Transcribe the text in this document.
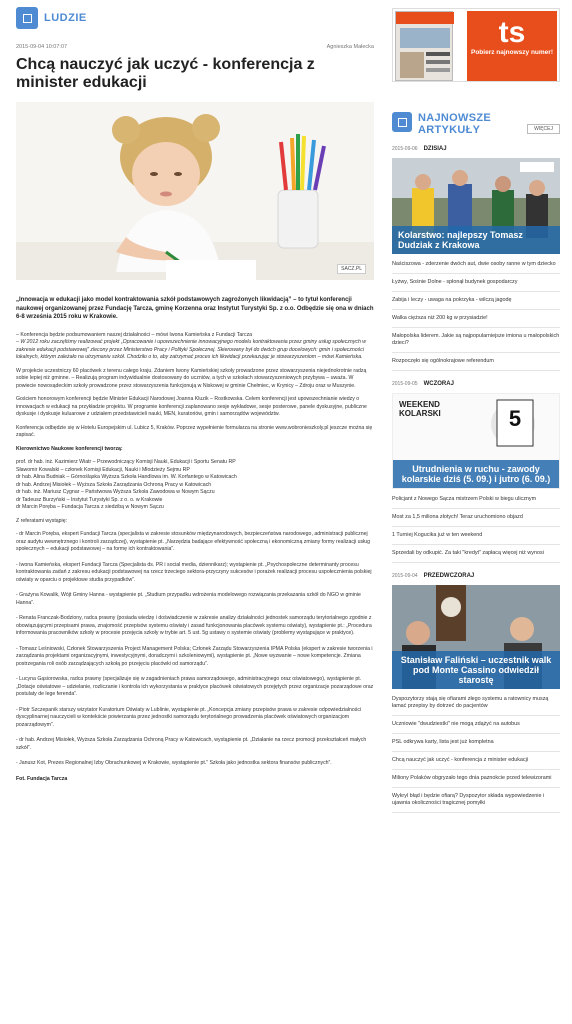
LUDZIE
2015-09-04 10:07:07	Agnieszka Małecka
Chcą nauczyć jak uczyć - konferencja z minister edukacji
SACZ.PL

„Innowacja w edukacji jako model kontraktowania szkół podstawowych zagrożonych likwidacją” – to tytuł konferencji naukowej organizowanej przez Fundację Tarcza, gminę Korzenna oraz Instytut Turystyki Sp. z o.o. Odbędzie się ona w dniach 6-8 września 2015 roku w Krakowie.

– Konferencja będzie podsumowaniem naszej działalności – mówi Iwona Kamieńska z Fundacji Tarcza
– W 2012 roku zaczęliśmy realizować projekt „Opracowanie i upowszechnienie innowacyjnego modelu kontraktowania przez gminy usług społecznych w zakresie edukacji podstawowej” zlecony przez Ministerstwo Pracy i Polityki Społecznej. Skierowany był do dwóch grup docelowych: gmin i społeczności lokalnych, którym zależało na utrzymaniu szkół. Chodziło o to, aby zatrzymać proces ich likwidacji przekazując je stowarzyszeniom – mówi Kamieńska.

W projekcie uczestniczy 60 placówek z terenu całego kraju. Zdaniem Iwony Kamieńskiej szkoły prowadzone przez stowarzyszenia niejednokrotnie radzą sobie lepiej niż gminne. – Realizują program indywidualnie dostosowany do uczniów, a tych w szkołach stowarzyszeniowych przybywa – uważa. W powiecie nowosądeckim szkoły prowadzone przez stowarzyszenia funkcjonują w Niskowej w gminie Chełmiec, w Krynicy – Zdroju oraz w Muszynie.

Gościem honorowym konferencji będzie Minister Edukacji Narodowej Joanna Kluzik – Rostkowska. Celem konferencji jest upowszechnianie wiedzy o innowacjach w edukacji na przykładzie projektu. W programie konferencji zaplanowano sesje wykładowe, sesje posterowe, panele dyskusyjne, publiczne dyskusje i dyskusje kuluarowe z udziałem przedstawicieli nauki, MEN, kuratoriów, gmin i samorządów województw.

Konferencja odbędzie się w Hotelu Europejskim ul. Lubicz 5, Kraków. Poprzez wypełnienie formularza na stronie www.wobronieszkoly.pl jeszcze można się zapisać.

Kierownictwo Naukowe konferencji tworzą:

prof. dr hab. inż. Kazimierz Wiatr – Przewodniczący Komisji Nauki, Edukacji i Sportu Senatu RP
Sławomir Kowalski – członek Komisji Edukacji, Nauki i Młodzieży Sejmu RP
dr hab. Alina Budniak – Górnośląska Wyższa Szkoła Handlowa im. W. Korfantego w Katowicach
dr hab. Andrzej Misiołek – Wyższa Szkoła Zarządzania Ochroną Pracy w Katowicach
dr hab. inż. Mariusz Cygnar – Państwowa Wyższa Szkoła Zawodowa w Nowym Sączu
dr Tadeusz Burzyński – Instytut Turystyki Sp. z o. o. w Krakowie
dr Marcin Poręba – Fundacja Tarcza z siedzibą w Nowym Sączu

Z referatami wystąpię:

- dr Marcin Poręba, ekspert Fundacji Tarcza (specjalista w zakresie stosunków międzynarodowych, bezpieczeństwa narodowego, administracji publicznej oraz audytu wewnętrznego i kontroli zarządczej), wystąpienie pt. „Narzędzia badające efektywność społeczną i ekonomiczną zmiany formy realizacji usług społecznych – edukacji podstawowej – na formę ich kontraktowania”.
- Iwona Kamieńska, ekspert Fundacji Tarcza (Specjalista ds. PR i social media, dziennikarz); wystąpienie pt. „Psychospołeczne determinanty procesu kontraktowania zadań z zakresu edukacji podstawowej na rzecz trzeciego sektora-przyczyny sukcesów i porażek realizacji procesu uspołecznienia polskiej oświaty w oparciu o projektowe studia przypadków”.
- Grażyna Kowalik, Wójt Gminy Hanna - wystąpienie pt. „Studium przypadku wdrożenia modelowego rozwiązania przekazania szkół do NGO w gminie Hanna”.
- Renata Franczak-Bodziony, radca prawny (posiada wiedzę i doświadczenie w zakresie analizy działalności jednostek samorządu terytorialnego zgodnie z obowiązującymi przepisami prawa, znajomość przepisów systemu oświaty i zasad funkcjonowania placówek systemu oświaty), wystąpienie pt.: „Procedura informowania pracowników szkoły w procesie przejęcia szkoły w trybie art. 5 ust. 5g ustawy o systemie oświaty (problemy wystąpujące w praktyce).
- Tomasz Leśniowski, Członek Stowarzyszenia Project Management Polska; Członek Zarządu Stowarzyszenia IPMA Polska (ekspert w zakresie tworzenia i zarządzania projektami organizacyjnymi, inwestycyjnymi, doradczymi i szkoleniowymi), wystąpienie pt. „Nowe wyzwanie – nowe kompetencje. Zmiana postrzegania roli osób zarządzających szkołą po przejęciu placówki od samorządu”.
- Lucyna Gąsiorowska, radca prawny (specjalizuje się w zagadnieniach prawa samorządowego, administracyjnego oraz oświatowego), wystąpienie pt. „Dotacje oświatowe – udzielanie, rozliczanie i kontrola ich wykorzystania w praktyce placówek oświatowych przejętych przez organizacje pozarządowe oraz postulaty de lege ferenda”.
- Piotr Szczepanik starszy wizytator Kuratorium Oświaty w Lublinie, wystąpienie pt. „Koncepcja zmiany przepisów prawa w zakresie odpowiedzialności dyscyplinarnej nauczycieli w kontekście powierzania przez jednostki samorządu terytorialnego prowadzenia placówek oświatowych organizacjom pozarządowym”.
- dr hab. Andrzej Misiołek, Wyższa Szkoła Zarządzania Ochroną Pracy w Katowicach, wystąpienie pt. „Działanie na rzecz promocji przekształceń małych szkół”.
- Janusz Kot, Prezes Regionalnej Izby Obrachunkowej w Krakowie, wystąpienie pt.” Szkoła jako jednostka sektora finansów publicznych”.

Fot. Fundacja Tarcza

ts
Pobierz najnowszy numer!
NAJNOWSZE ARTYKUŁY	WIĘCEJ
2015-09-06 DZISIAJ
Kolarstwo: najlepszy Tomasz Dudziak z Krakowa
Naściszowa - zderzenie dwóch aut, dwie osoby ranne w tym dziecko
Łyżwy, Sośnie Dolne - spłonął budynek gospodarczy
Zabija i leczy - uwaga na pokrzyka - wilczą jagodę
Walka cięższa niż 200 kg w przysiadzie!
Małopolska liderem. Jakie są najpopularniejsze imiona u małopolskich dzieci?
Rozpoczęło się ogólnokrajowe referendum
2015-09-05 WCZORAJ
WEEKEND KOLARSKI	5
Utrudnienia w ruchu - zawody kolarskie dziś (5. 09.) i jutro (6. 09.)
Policjant z Nowego Sącza mistrzem Polski w biegu ulicznym
Most za 1,5 miliona złotych! Teraz uruchomiono objazd
1 Turniej Kogucika już w ten weekend
Sprzedali by odkupić. Za taki "kredyt" zapłacą więcej niż wynosi
2015-09-04 PRZEDWCZORAJ
Stanisław Faliński – uczestnik walk pod Monte Cassino odwiedził starostę
Dyspozytorzy stają się ofiarami złego systemu a ratownicy muszą łamać przepisy by dotrzeć do pacjentów
Uczniowie "dwudziestki" nie mogą zdążyć na autobus
PSL odkrywa karty, lista jest już kompletna
Chcą nauczyć jak uczyć - konferencja z minister edukacji
Miliony Polaków obgryzało tego dnia paznokcie przed telewizorami
Wykryl błąd i będzie ofiarą? Dyspozytor składa wypowiedzenie i ujawnia okoliczności tragicznej pomyłki
